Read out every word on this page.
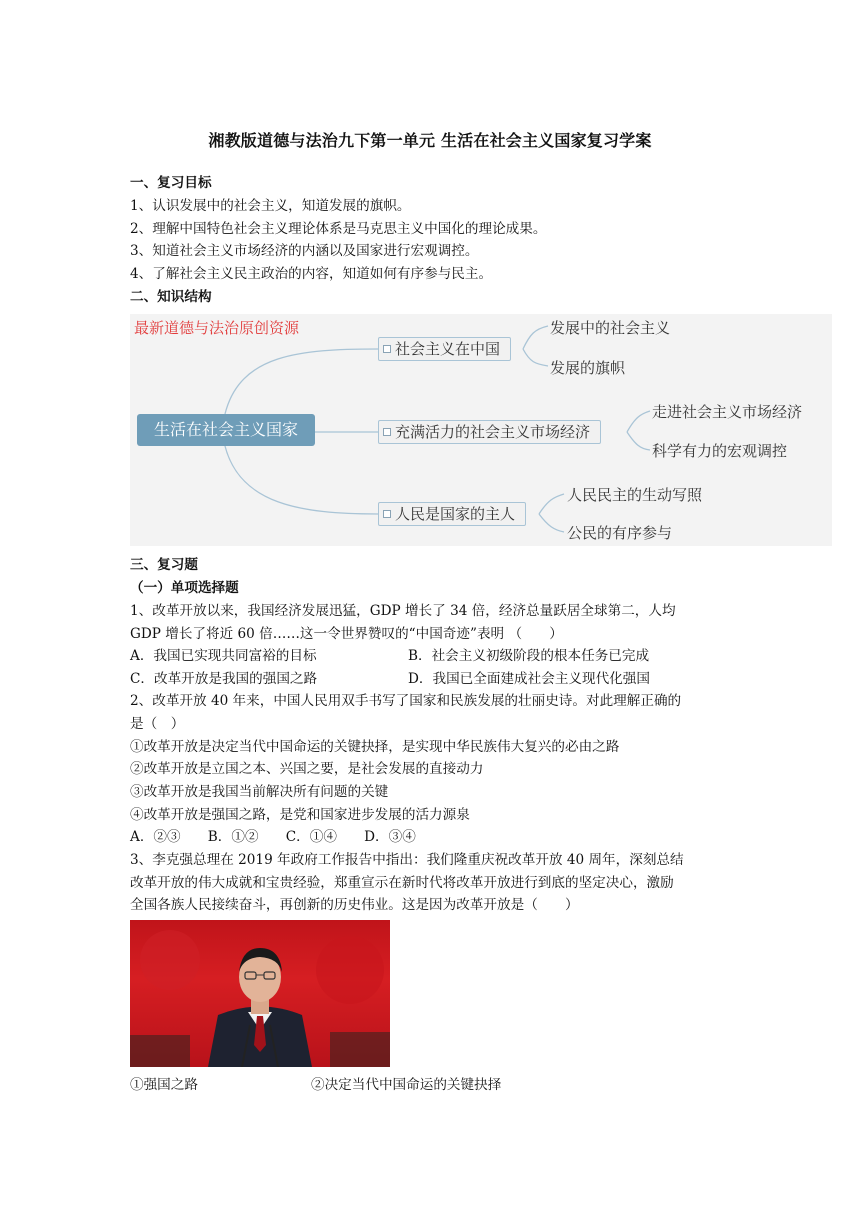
湘教版道德与法治九下第一单元 生活在社会主义国家复习学案
一、复习目标
1、认识发展中的社会主义，知道发展的旗帜。
2、理解中国特色社会主义理论体系是马克思主义中国化的理论成果。
3、知道社会主义市场经济的内涵以及国家进行宏观调控。
4、了解社会主义民主政治的内容，知道如何有序参与民主。
二、知识结构
最新道德与法治原创资源
生活在社会主义国家
社会主义在中国
发展中的社会主义
发展的旗帜
充满活力的社会主义市场经济
走进社会主义市场经济
科学有力的宏观调控
人民是国家的主人
人民民主的生动写照
公民的有序参与
三、复习题
（一）单项选择题
1、改革开放以来，我国经济发展迅猛，GDP 增长了 34 倍，经济总量跃居全球第二，人均
GDP 增长了将近 60 倍……这一令世界赞叹的“中国奇迹”表明 （　　）
A．我国已实现共同富裕的目标	B．社会主义初级阶段的根本任务已完成
C．改革开放是我国的强国之路	D．我国已全面建成社会主义现代化强国
2、改革开放 40 年来，中国人民用双手书写了国家和民族发展的壮丽史诗。对此理解正确的
是（　）
①改革开放是决定当代中国命运的关键抉择，是实现中华民族伟大复兴的必由之路
②改革开放是立国之本、兴国之要，是社会发展的直接动力
③改革开放是我国当前解决所有问题的关键
④改革开放是强国之路，是党和国家进步发展的活力源泉
A．②③　　B．①②　　C．①④　　D．③④
3、李克强总理在 2019 年政府工作报告中指出：我们隆重庆祝改革开放 40 周年，深刻总结
改革开放的伟大成就和宝贵经验，郑重宣示在新时代将改革开放进行到底的坚定决心，激励
全国各族人民接续奋斗，再创新的历史伟业。这是因为改革开放是（　　）
①强国之路	②决定当代中国命运的关键抉择
